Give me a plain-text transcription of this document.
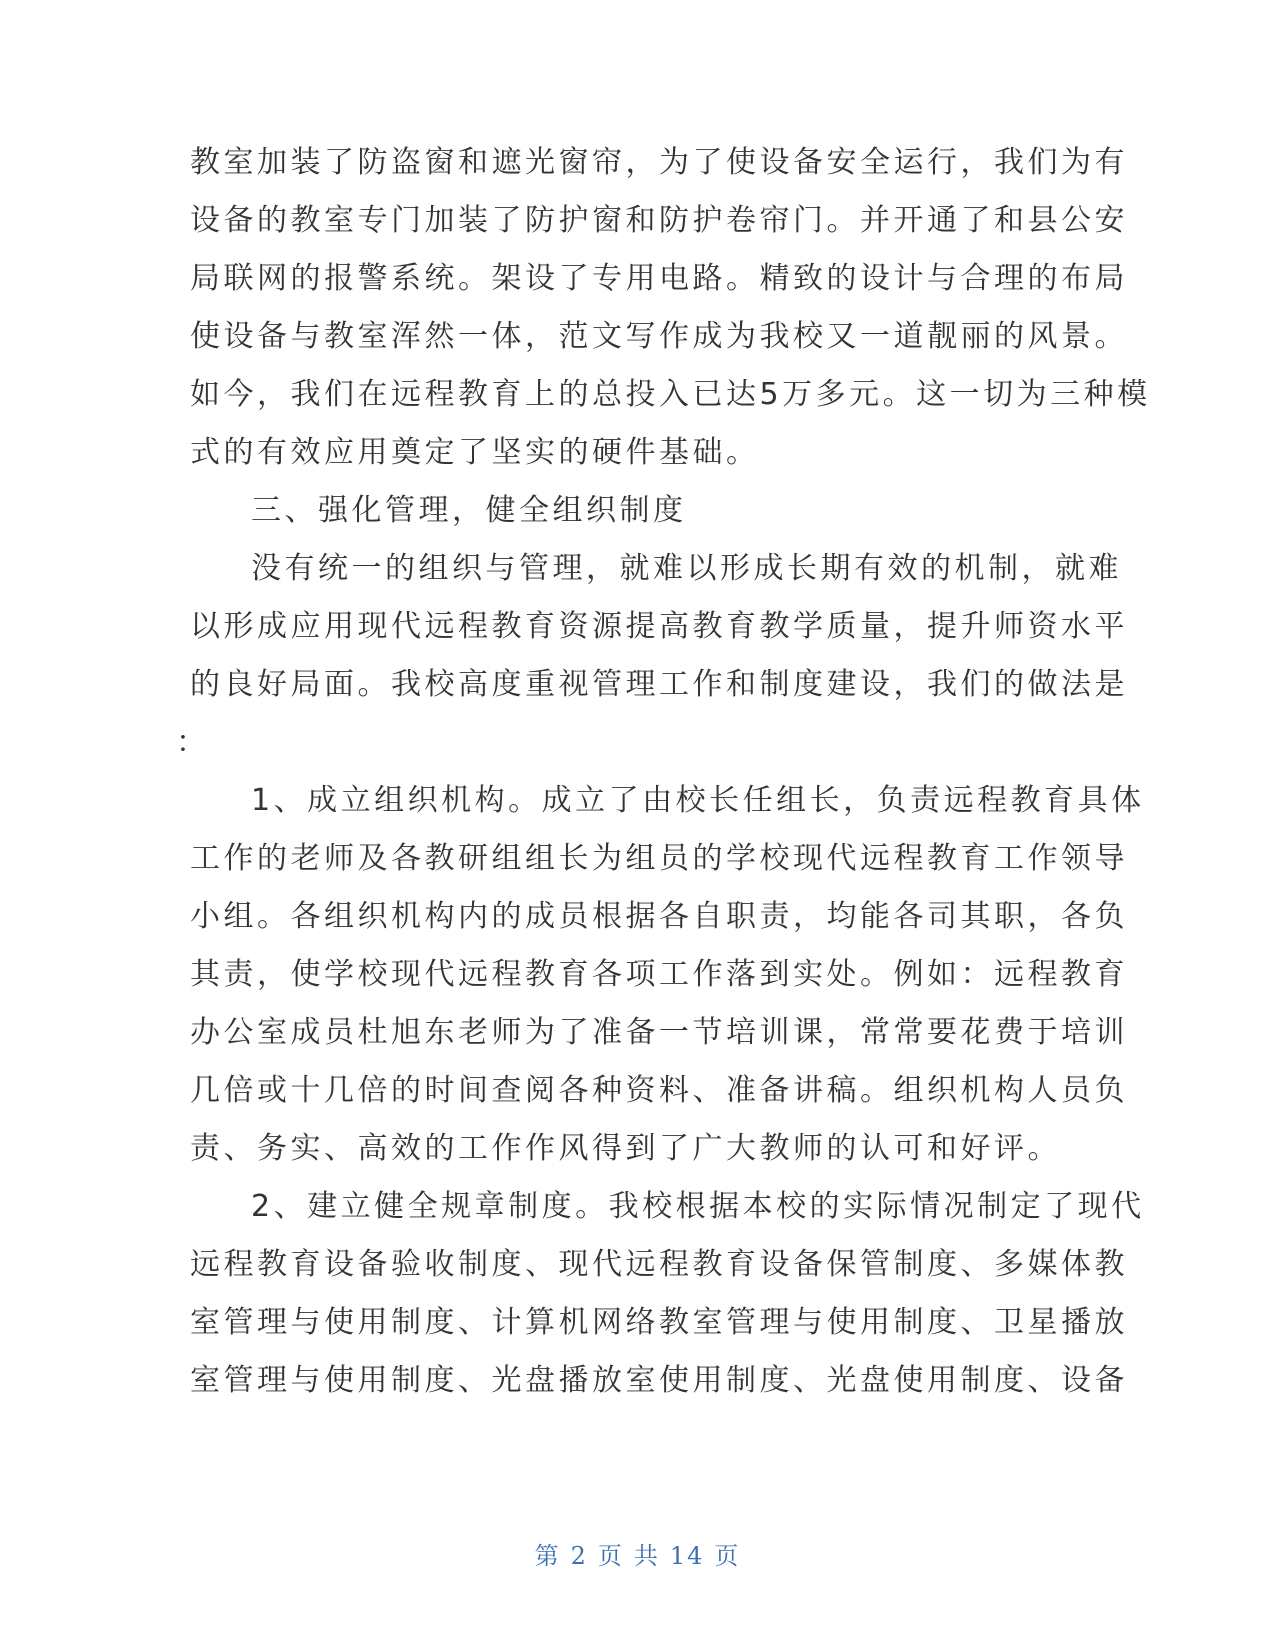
教室加装了防盗窗和遮光窗帘，为了使设备安全运行，我们为有
设备的教室专门加装了防护窗和防护卷帘门。并开通了和县公安
局联网的报警系统。架设了专用电路。精致的设计与合理的布局
使设备与教室浑然一体，范文写作成为我校又一道靓丽的风景。
如今，我们在远程教育上的总投入已达5万多元。这一切为三种模
式的有效应用奠定了坚实的硬件基础。
三、强化管理，健全组织制度
没有统一的组织与管理，就难以形成长期有效的机制，就难
以形成应用现代远程教育资源提高教育教学质量，提升师资水平
的良好局面。我校高度重视管理工作和制度建设，我们的做法是
：
1、成立组织机构。成立了由校长任组长，负责远程教育具体
工作的老师及各教研组组长为组员的学校现代远程教育工作领导
小组。各组织机构内的成员根据各自职责，均能各司其职，各负
其责，使学校现代远程教育各项工作落到实处。例如：远程教育
办公室成员杜旭东老师为了准备一节培训课，常常要花费于培训
几倍或十几倍的时间查阅各种资料、准备讲稿。组织机构人员负
责、务实、高效的工作作风得到了广大教师的认可和好评。
2、建立健全规章制度。我校根据本校的实际情况制定了现代
远程教育设备验收制度、现代远程教育设备保管制度、多媒体教
室管理与使用制度、计算机网络教室管理与使用制度、卫星播放
室管理与使用制度、光盘播放室使用制度、光盘使用制度、设备
第 2 页 共 14 页
